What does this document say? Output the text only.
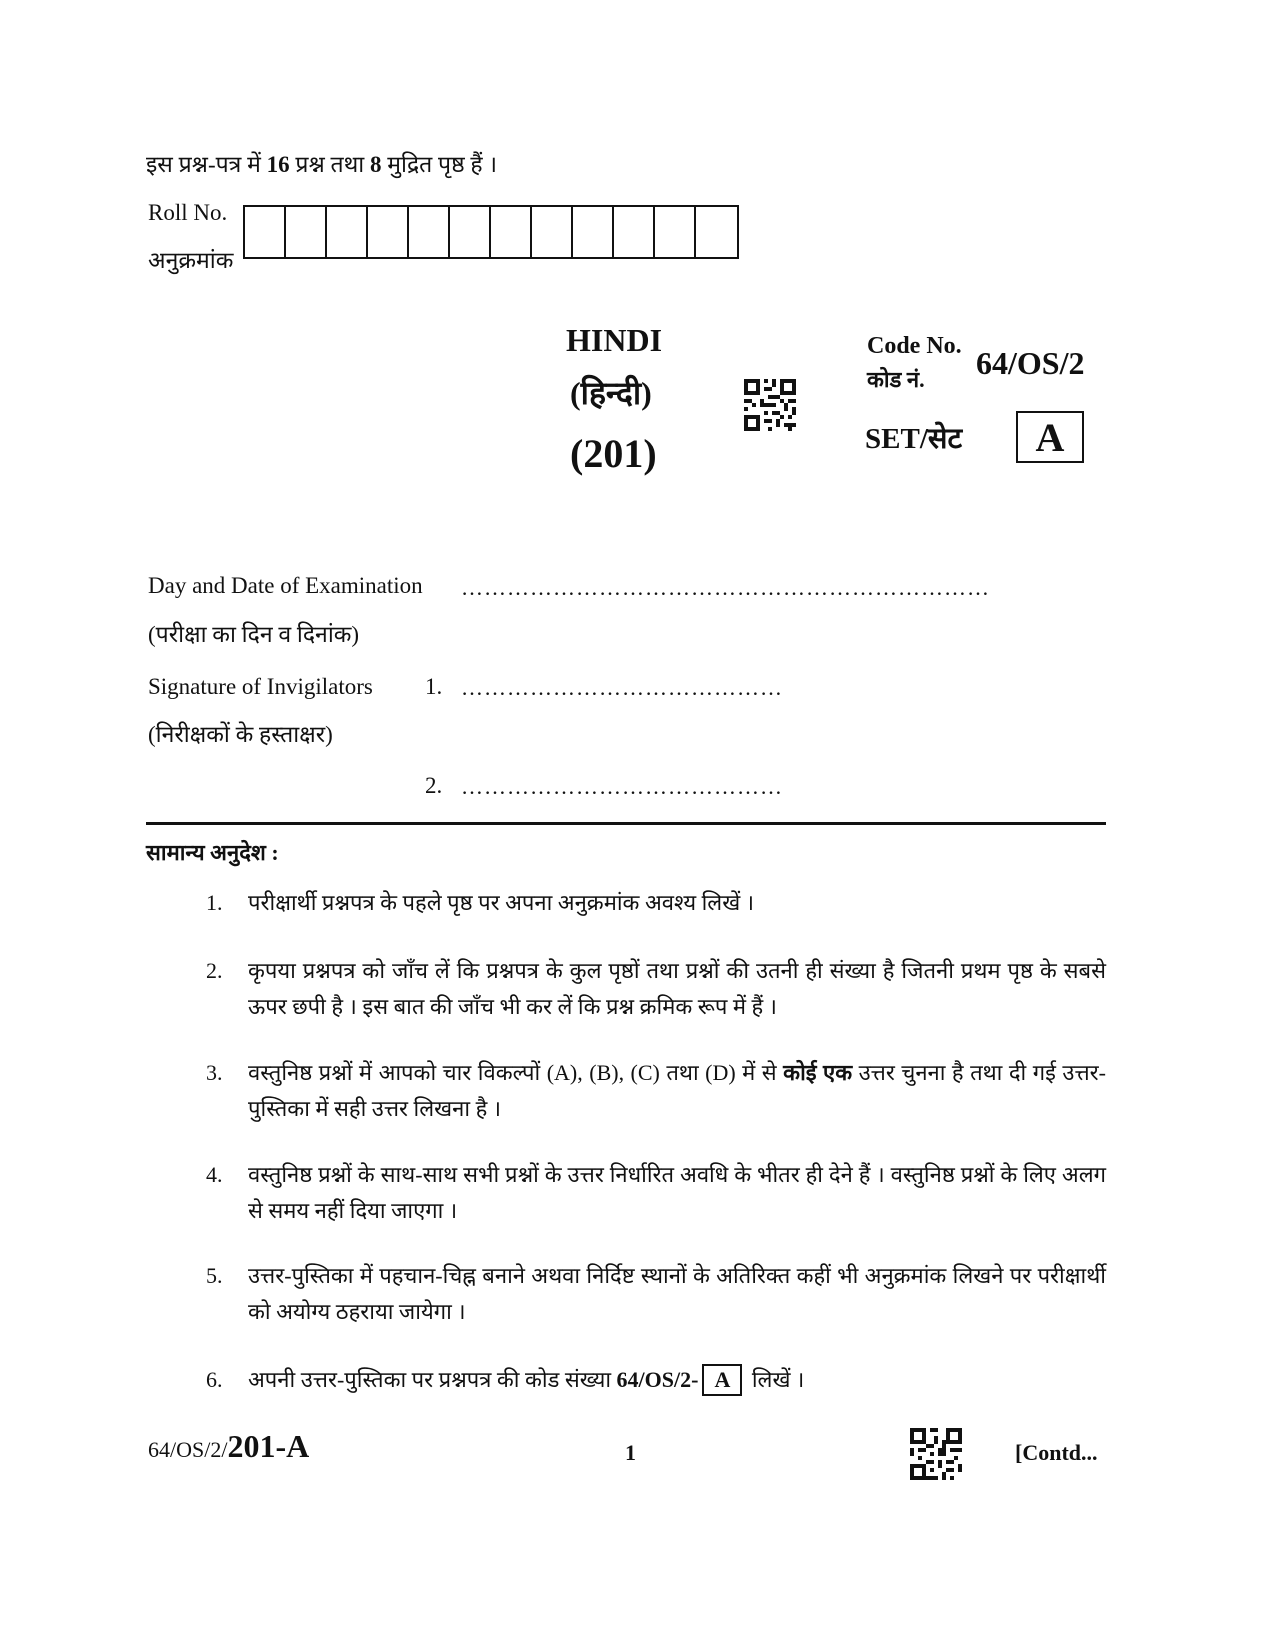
इस प्रश्न-पत्र में 16 प्रश्न तथा 8 मुद्रित पृष्ठ हैं ।
Roll No.
अनुक्रमांक
HINDI
(हिन्दी)
(201)
Code No.
कोड नं. 64/OS/2
SET/सेट	A
Day and Date of Examination ……………………………………………………………
(परीक्षा का दिन व दिनांक)
Signature of Invigilators 1. ……………………………………
(निरीक्षकों के हस्ताक्षर)
2. ……………………………………
सामान्य अनुदेश :
1.	परीक्षार्थी प्रश्नपत्र के पहले पृष्ठ पर अपना अनुक्रमांक अवश्य लिखें ।
2.	कृपया प्रश्नपत्र को जाँच लें कि प्रश्नपत्र के कुल पृष्ठों तथा प्रश्नों की उतनी ही संख्या है जितनी प्रथम पृष्ठ के सबसे ऊपर छपी है । इस बात की जाँच भी कर लें कि प्रश्न क्रमिक रूप में हैं ।
3.	वस्तुनिष्ठ प्रश्नों में आपको चार विकल्पों (A), (B), (C) तथा (D) में से कोई एक उत्तर चुनना है तथा दी गई उत्तर-पुस्तिका में सही उत्तर लिखना है ।
4.	वस्तुनिष्ठ प्रश्नों के साथ-साथ सभी प्रश्नों के उत्तर निर्धारित अवधि के भीतर ही देने हैं । वस्तुनिष्ठ प्रश्नों के लिए अलग से समय नहीं दिया जाएगा ।
5.	उत्तर-पुस्तिका में पहचान-चिह्न बनाने अथवा निर्दिष्ट स्थानों के अतिरिक्त कहीं भी अनुक्रमांक लिखने पर परीक्षार्थी को अयोग्य ठहराया जायेगा ।
6.	अपनी उत्तर-पुस्तिका पर प्रश्नपत्र की कोड संख्या 64/OS/2- A लिखें ।
64/OS/2/201-A	1	[Contd...
